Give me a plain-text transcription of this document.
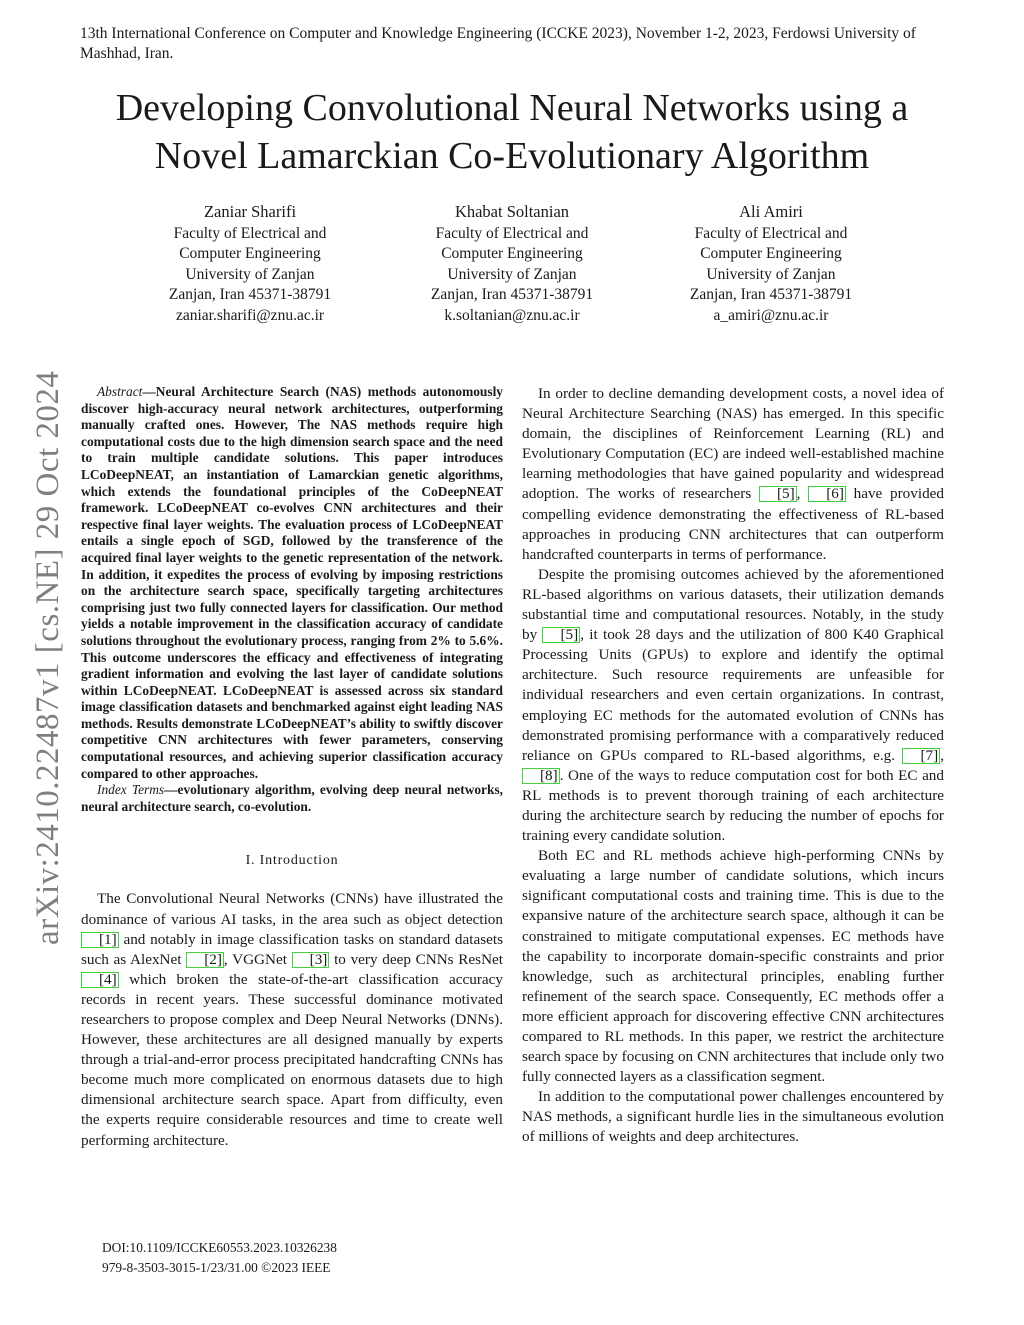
13th International Conference on Computer and Knowledge Engineering (ICCKE 2023), November 1-2, 2023, Ferdowsi University of Mashhad, Iran.
Developing Convolutional Neural Networks using a
Novel Lamarckian Co-Evolutionary Algorithm
Zaniar Sharifi
Faculty of Electrical and
Computer Engineering
University of Zanjan
Zanjan, Iran 45371-38791
zaniar.sharifi@znu.ac.ir
Khabat Soltanian
Faculty of Electrical and
Computer Engineering
University of Zanjan
Zanjan, Iran 45371-38791
k.soltanian@znu.ac.ir
Ali Amiri
Faculty of Electrical and
Computer Engineering
University of Zanjan
Zanjan, Iran 45371-38791
a_amiri@znu.ac.ir
arXiv:2410.22487v1 [cs.NE] 29 Oct 2024	Abstract—Neural Architecture Search (NAS) methods autonomously discover high-accuracy neural network architectures, outperforming manually crafted ones. However, The NAS methods require high computational costs due to the high dimension search space and the need to train multiple candidate solutions. This paper introduces LCoDeepNEAT, an instantiation of Lamarckian genetic algorithms, which extends the foundational principles of the CoDeepNEAT framework. LCoDeepNEAT co-evolves CNN architectures and their respective final layer weights. The evaluation process of LCoDeepNEAT entails a single epoch of SGD, followed by the transference of the acquired final layer weights to the genetic representation of the network. In addition, it expedites the process of evolving by imposing restrictions on the architecture search space, specifically targeting architectures comprising just two fully connected layers for classification. Our method yields a notable improvement in the classification accuracy of candidate solutions throughout the evolutionary process, ranging from 2% to 5.6%. This outcome underscores the efficacy and effectiveness of integrating gradient information and evolving the last layer of candidate solutions within LCoDeepNEAT. LCoDeepNEAT is assessed across six standard image classification datasets and benchmarked against eight leading NAS methods. Results demonstrate LCoDeepNEAT’s ability to swiftly discover competitive CNN architectures with fewer parameters, conserving computational resources, and achieving superior classification accuracy compared to other approaches.

Index Terms—evolutionary algorithm, evolving deep neural networks, neural architecture search, co-evolution.

I. Introduction

The Convolutional Neural Networks (CNNs) have illustrated the dominance of various AI tasks, in the area such as object detection [1] and notably in image classification tasks on standard datasets such as AlexNet [2] , VGGNet [3] to very deep CNNs ResNet [4] which broken the state-of-the-art classification accuracy records in recent years. These successful dominance motivated researchers to propose complex and Deep Neural Networks (DNNs). However, these architectures are all designed manually by experts through a trial-and-error process precipitated handcrafting CNNs has become much more complicated on enormous datasets due to high dimensional architecture search space. Apart from difficulty, even the experts require considerable resources and time to create well performing architecture.

In order to decline demanding development costs, a novel idea of Neural Architecture Searching (NAS) has emerged. In this specific domain, the disciplines of Reinforcement Learning (RL) and Evolutionary Computation (EC) are indeed well-established machine learning methodologies that have gained popularity and widespread adoption. The works of researchers [5] , [6] have provided compelling evidence demonstrating the effectiveness of RL-based approaches in producing CNN architectures that can outperform handcrafted counterparts in terms of performance.

Despite the promising outcomes achieved by the aforementioned RL-based algorithms on various datasets, their utilization demands substantial time and computational resources. Notably, in the study by [5] , it took 28 days and the utilization of 800 K40 Graphical Processing Units (GPUs) to explore and identify the optimal architecture. Such resource requirements are unfeasible for individual researchers and even certain organizations. In contrast, employing EC methods for the automated evolution of CNNs has demonstrated promising performance with a comparatively reduced reliance on GPUs compared to RL-based algorithms, e.g. [7] , [8] . One of the ways to reduce computation cost for both EC and RL methods is to prevent thorough training of each architecture during the architecture search by reducing the number of epochs for training every candidate solution.

Both EC and RL methods achieve high-performing CNNs by evaluating a large number of candidate solutions, which incurs significant computational costs and training time. This is due to the expansive nature of the architecture search space, although it can be constrained to mitigate computational expenses. EC methods have the capability to incorporate domain-specific constraints and prior knowledge, such as architectural principles, enabling further refinement of the search space. Consequently, EC methods offer a more efficient approach for discovering effective CNN architectures compared to RL methods. In this paper, we restrict the architecture search space by focusing on CNN architectures that include only two fully connected layers as a classification segment.

In addition to the computational power challenges encountered by NAS methods, a significant hurdle lies in the simultaneous evolution of millions of weights and deep architectures.

DOI:10.1109/ICCKE60553.2023.10326238
979-8-3503-3015-1/23/31.00 ©2023 IEEE
